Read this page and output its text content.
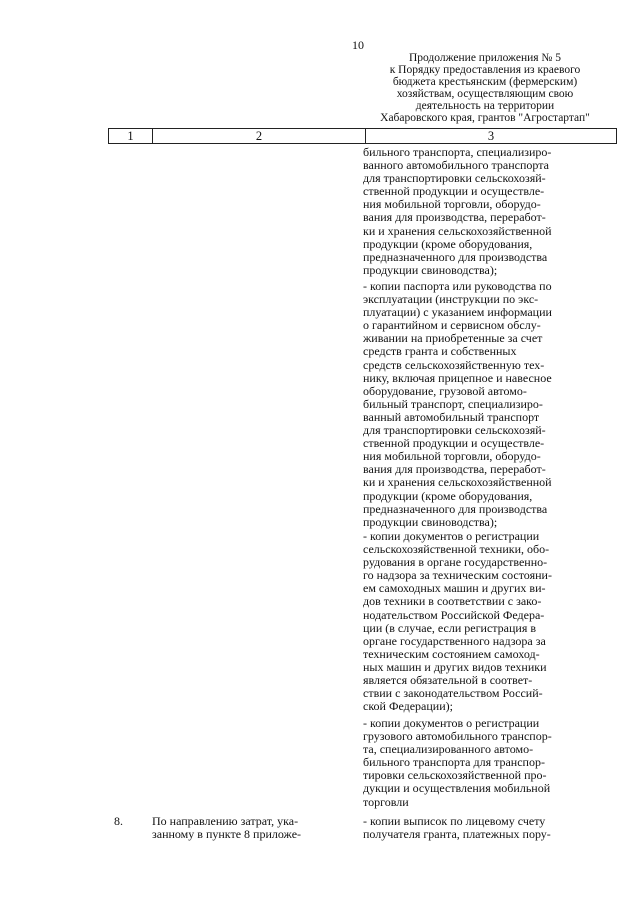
10
Продолжение приложения № 5
к Порядку предоставления из краевого
бюджета крестьянским (фермерским)
хозяйствам, осуществляющим свою
деятельность на территории
Хабаровского края, грантов "Агростартап"
1	2	3
бильного транспорта, специализиро-
ванного автомобильного транспорта
для транспортировки сельскохозяй-
ственной продукции и осуществле-
ния мобильной торговли, оборудо-
вания для производства, переработ-
ки и хранения сельскохозяйственной
продукции (кроме оборудования,
предназначенного для производства
продукции свиноводства);
- копии паспорта или руководства по
эксплуатации (инструкции по экс-
плуатации) с указанием информации
о гарантийном и сервисном обслу-
живании на приобретенные за счет
средств гранта и собственных
средств сельскохозяйственную тех-
нику, включая прицепное и навесное
оборудование, грузовой автомо-
бильный транспорт, специализиро-
ванный автомобильный транспорт
для транспортировки сельскохозяй-
ственной продукции и осуществле-
ния мобильной торговли, оборудо-
вания для производства, переработ-
ки и хранения сельскохозяйственной
продукции (кроме оборудования,
предназначенного для производства
продукции свиноводства);
- копии документов о регистрации
сельскохозяйственной техники, обо-
рудования в органе государственно-
го надзора за техническим состояни-
ем самоходных машин и других ви-
дов техники в соответствии с зако-
нодательством Российской Федера-
ции (в случае, если регистрация в
органе государственного надзора за
техническим состоянием самоход-
ных машин и других видов техники
является обязательной в соответ-
ствии с законодательством Россий-
ской Федерации);
- копии документов о регистрации
грузового автомобильного транспор-
та, специализированного автомо-
бильного транспорта для транспор-
тировки сельскохозяйственной про-
дукции и осуществления мобильной
торговли
8. По направлению затрат, ука-
занному в пункте 8 приложе-
- копии выписок по лицевому счету
получателя гранта, платежных пору-
